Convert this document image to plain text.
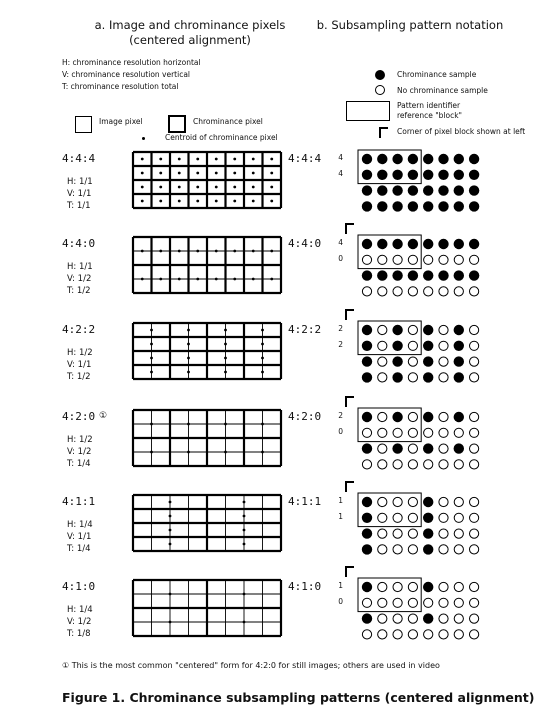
a. Image and chrominance pixels
(centered alignment)
b. Subsampling pattern notation
H: chrominance resolution horizontal
V: chrominance resolution vertical
T: chrominance resolution total
Image pixel	Chrominance pixel
Centroid of chrominance pixel
Chrominance sample
No chrominance sample
Pattern identifier
reference "block"
Corner of pixel block shown at left
4:4:4
H: 1/1
V: 1/1
T: 1/1
4:4:4	4
4
4:4:0
H: 1/1
V: 1/2
T: 1/2
4:4:0	4
0
4:2:2
H: 1/2
V: 1/1
T: 1/2
4:2:2	2
2
4:2:0 ①
H: 1/2
V: 1/2
T: 1/4
4:2:0	2
0
4:1:1
H: 1/4
V: 1/1
T: 1/4
4:1:1	1
1
4:1:0
H: 1/4
V: 1/2
T: 1/8
4:1:0	1
0
① This is the most common "centered" form for 4:2:0 for still images; others are used in video
Figure 1. Chrominance subsampling patterns (centered alignment)
